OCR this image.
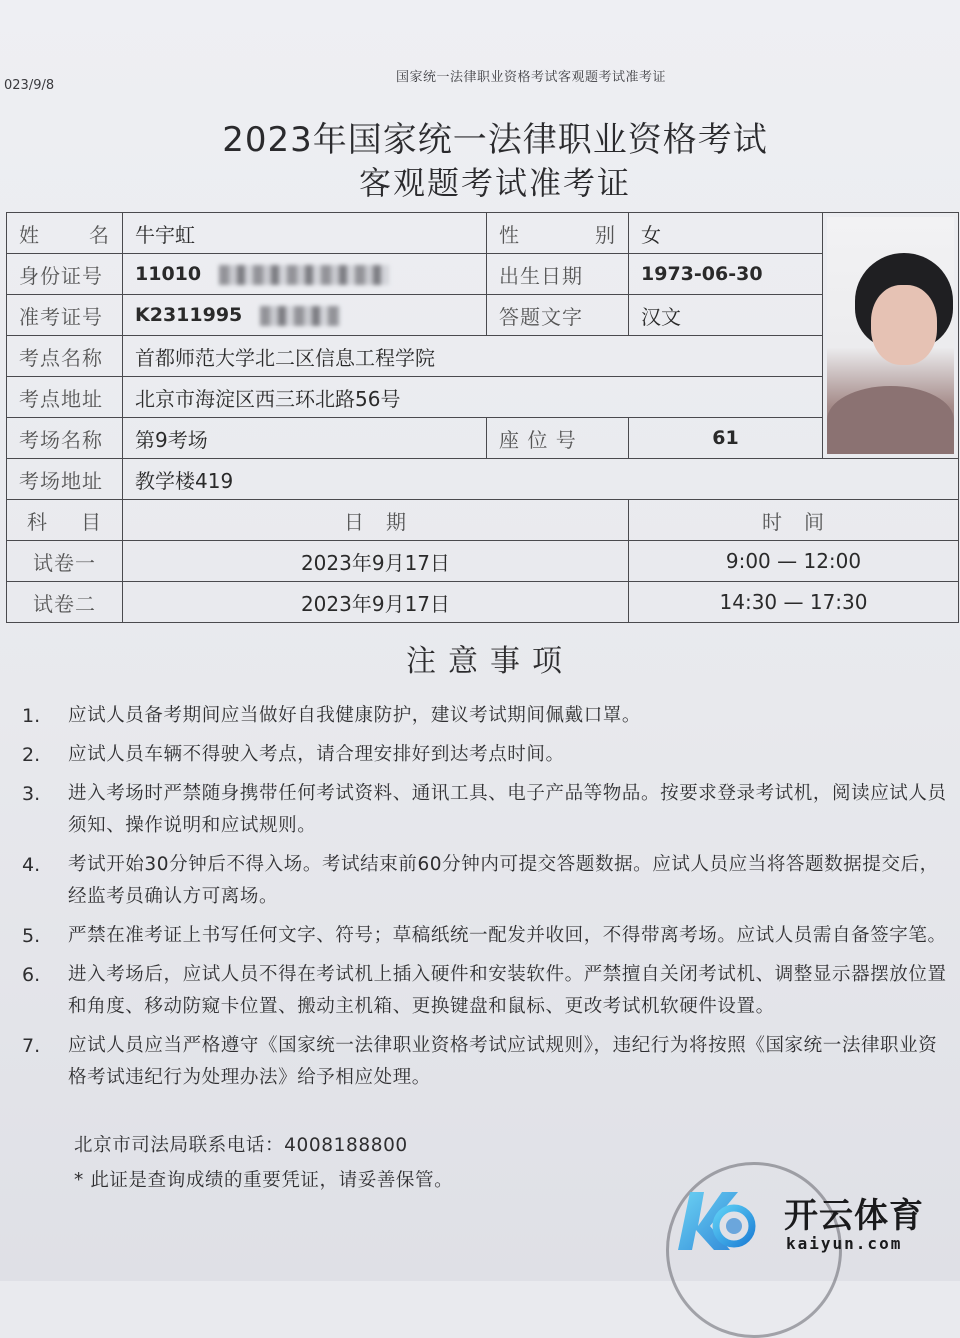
023/9/8
国家统一法律职业资格考试客观题考试准考证
2023年国家统一法律职业资格考试
客观题考试准考证
姓 名	牛宇虹	性 别	女	

身份证号	11010	出生日期	1973-06-30	
准考证号	K2311995	答题文字	汉文	
考点名称	首都师范大学北二区信息工程学院			
考点地址	北京市海淀区西三环北路56号			
考场名称	第9考场	座 位 号	61	
考场地址	教学楼419			

科 目	日　期		时　间	
试卷一	2023年9月17日		9:00 — 12:00	
试卷二	2023年9月17日		14:30 — 17:30	
注意事项
1.	应试人员备考期间应当做好自我健康防护，建议考试期间佩戴口罩。
2.	应试人员车辆不得驶入考点，请合理安排好到达考点时间。
3.	进入考场时严禁随身携带任何考试资料、通讯工具、电子产品等物品。按要求登录考试机，阅读应试人员须知、操作说明和应试规则。
4.	考试开始30分钟后不得入场。考试结束前60分钟内可提交答题数据。应试人员应当将答题数据提交后，经监考员确认方可离场。
5.	严禁在准考证上书写任何文字、符号；草稿纸统一配发并收回，不得带离考场。应试人员需自备签字笔。
6.	进入考场后，应试人员不得在考试机上插入硬件和安装软件。严禁擅自关闭考试机、调整显示器摆放位置和角度、移动防窥卡位置、搬动主机箱、更换键盘和鼠标、更改考试机软硬件设置。
7.	应试人员应当严格遵守《国家统一法律职业资格考试应试规则》，违纪行为将按照《国家统一法律职业资格考试违纪行为处理办法》给予相应处理。
北京市司法局联系电话：4008188800
* 此证是查询成绩的重要凭证，请妥善保管。
开云体育
kaiyun.com
